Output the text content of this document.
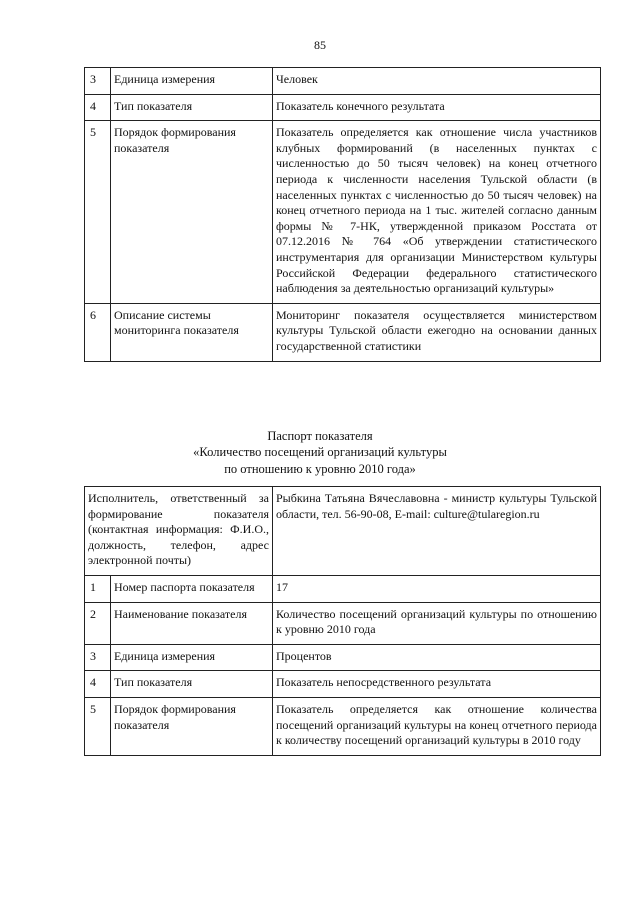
85
3	Единица измерения	Человек
4	Тип показателя	Показатель конечного результата
5	Порядок формирования показателя	Показатель определяется как отношение числа участников клубных формирований (в населенных пунктах с численностью до 50 тысяч человек) на конец отчетного периода к численности населения Тульской области (в населенных пунктах с численностью до 50 тысяч человек) на конец отчетного периода на 1 тыс. жителей согласно данным формы № 7-НК, утвержденной приказом Росстата от 07.12.2016 № 764 «Об утверждении статистического инструментария для организации Министерством культуры Российской Федерации федерального статистического наблюдения за деятельностью организаций культуры»
6	Описание системы мониторинга показателя	Мониторинг показателя осуществляется министерством культуры Тульской области ежегодно на основании данных государственной статистики
Паспорт показателя
«Количество посещений организаций культуры
по отношению к уровню 2010 года»
Исполнитель, ответственный за формирование показателя (контактная информация: Ф.И.О., должность, телефон, адрес электронной почты)		Рыбкина Татьяна Вячеславовна - министр культуры Тульской области, тел. 56-90-08, E-mail: culture@tularegion.ru
1	Номер паспорта показателя	17
2	Наименование показателя	Количество посещений организаций культуры по отношению к уровню 2010 года
3	Единица измерения	Процентов
4	Тип показателя	Показатель непосредственного результата
5	Порядок формирования показателя	Показатель определяется как отношение количества посещений организаций культуры на конец отчетного периода к количеству посещений организаций культуры в 2010 году
